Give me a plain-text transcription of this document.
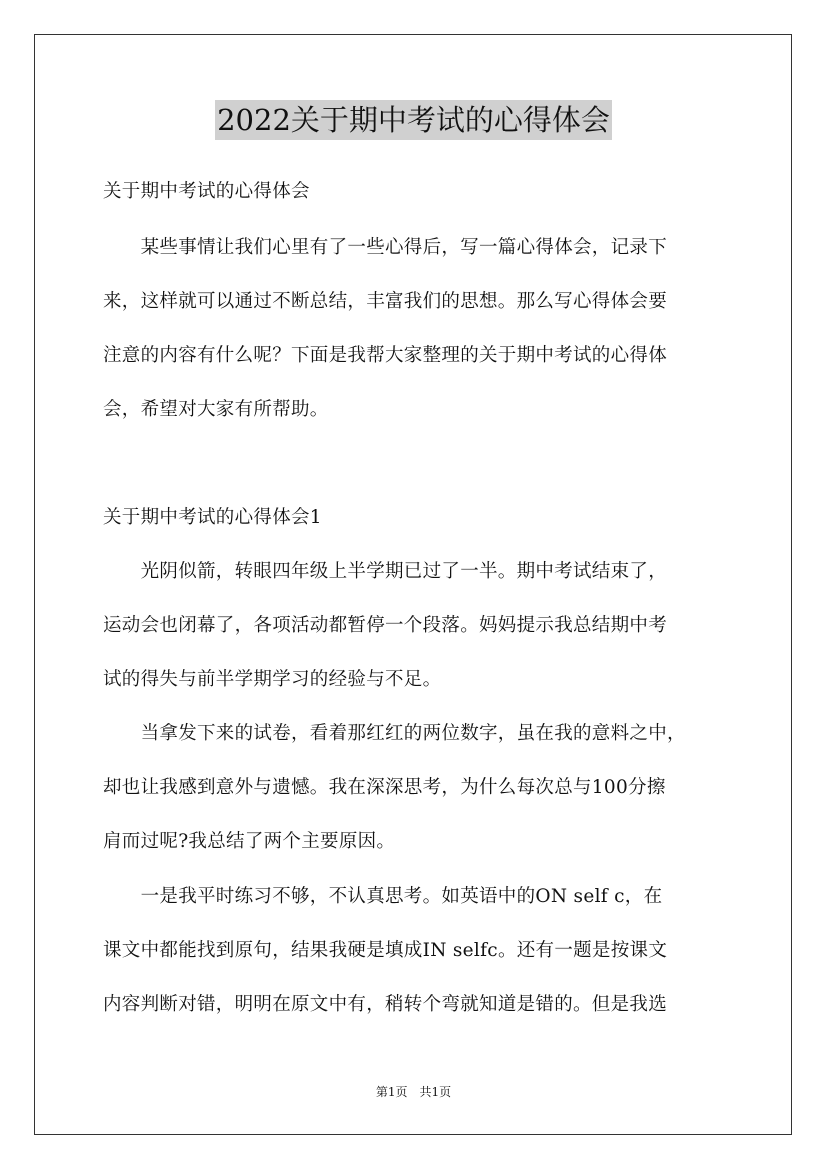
2022关于期中考试的心得体会
关于期中考试的心得体会
　　某些事情让我们心里有了一些心得后，写一篇心得体会，记录下
来，这样就可以通过不断总结，丰富我们的思想。那么写心得体会要
注意的内容有什么呢？下面是我帮大家整理的关于期中考试的心得体
会，希望对大家有所帮助。
关于期中考试的心得体会1
　　光阴似箭，转眼四年级上半学期已过了一半。期中考试结束了，
运动会也闭幕了，各项活动都暂停一个段落。妈妈提示我总结期中考
试的得失与前半学期学习的经验与不足。
　　当拿发下来的试卷，看着那红红的两位数字，虽在我的意料之中，
却也让我感到意外与遗憾。我在深深思考，为什么每次总与100分擦
肩而过呢?我总结了两个主要原因。
　　一是我平时练习不够，不认真思考。如英语中的ON self c，在
课文中都能找到原句，结果我硬是填成IN selfc。还有一题是按课文
内容判断对错，明明在原文中有，稍转个弯就知道是错的。但是我选
第1页　共1页
